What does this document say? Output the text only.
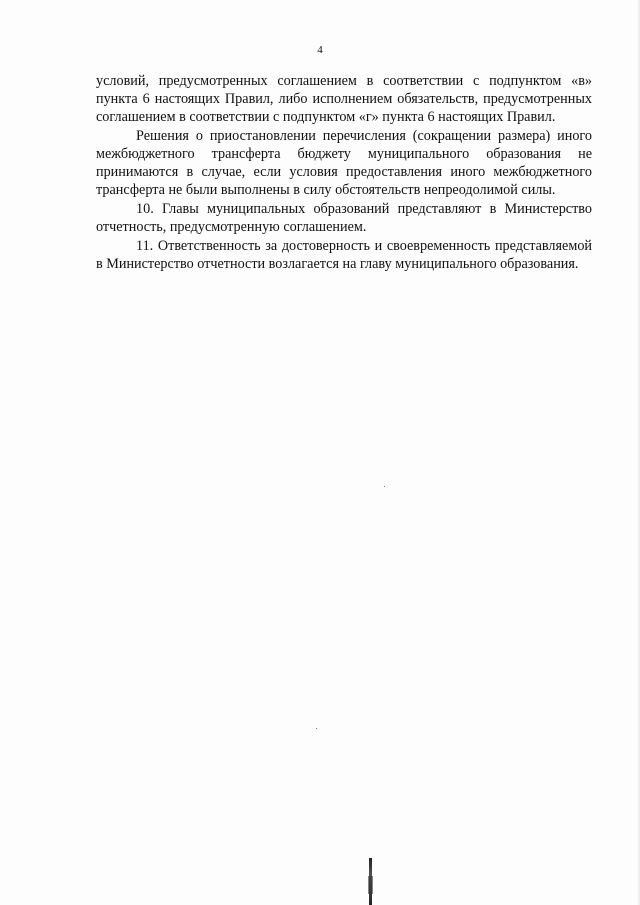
4

условий, предусмотренных соглашением в соответствии с подпунктом «в» пункта 6 настоящих Правил, либо исполнением обязательств, предусмотренных соглашением в соответствии с подпунктом «г» пункта 6 настоящих Правил.

Решения о приостановлении перечисления (сокращении размера) иного межбюджетного трансферта бюджету муниципального образования не принимаются в случае, если условия предоставления иного межбюджетного трансферта не были выполнены в силу обстоятельств непреодолимой силы.

10. Главы муниципальных образований представляют в Министерство отчетность, предусмотренную соглашением.

11. Ответственность за достоверность и своевременность представляемой в Министерство отчетности возлагается на главу муниципального образования.
